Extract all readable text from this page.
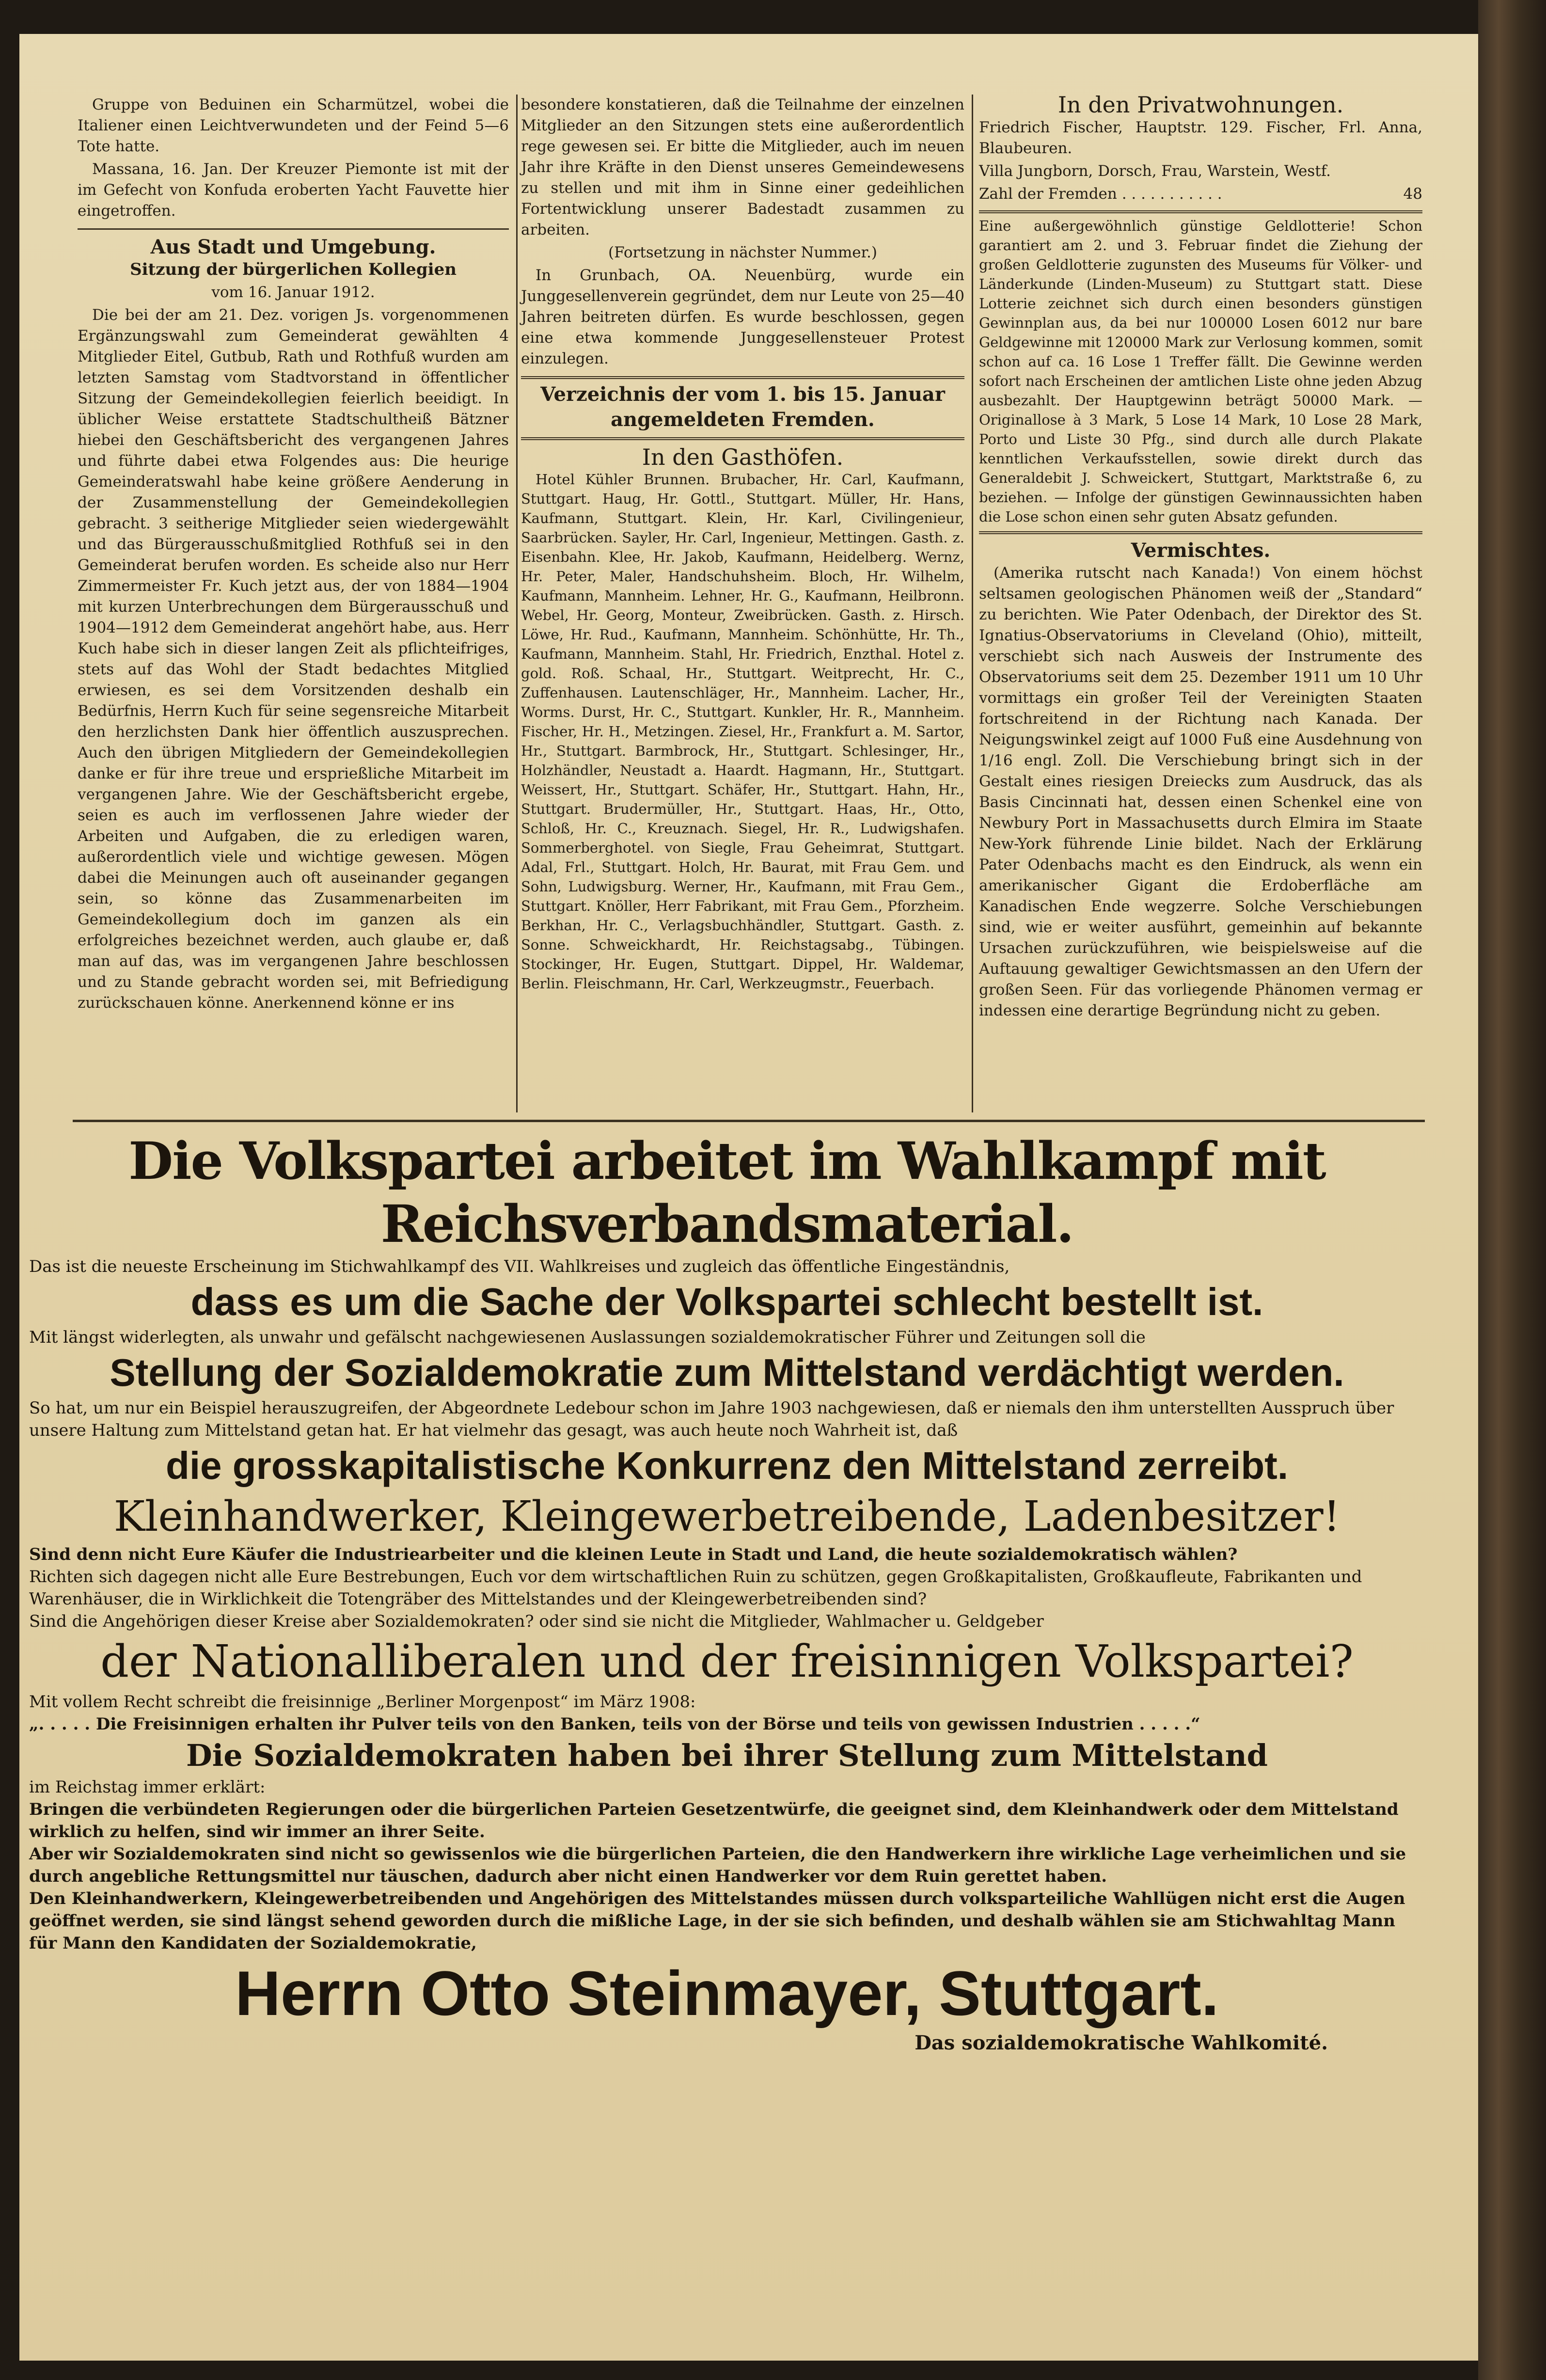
Gruppe von Beduinen ein Scharmützel, wobei die Italiener einen Leichtverwundeten und der Feind 5—6 Tote hatte.

Massana, 16. Jan. Der Kreuzer Piemonte ist mit der im Gefecht von Konfuda eroberten Yacht Fauvette hier eingetroffen.

Aus Stadt und Umgebung.

Sitzung der bürgerlichen Kollegien

vom 16. Januar 1912.

Die bei der am 21. Dez. vorigen Js. vorgenommenen Ergänzungswahl zum Gemeinderat gewählten 4 Mitglieder Eitel, Gutbub, Rath und Rothfuß wurden am letzten Samstag vom Stadtvorstand in öffentlicher Sitzung der Gemeindekollegien feierlich beeidigt. In üblicher Weise erstattete Stadtschultheiß Bätzner hiebei den Geschäftsbericht des vergangenen Jahres und führte dabei etwa Folgendes aus: Die heurige Gemeinderatswahl habe keine größere Aenderung in der Zusammenstellung der Gemeindekollegien gebracht. 3 seitherige Mitglieder seien wiedergewählt und das Bürgerausschußmitglied Rothfuß sei in den Gemeinderat berufen worden. Es scheide also nur Herr Zimmermeister Fr. Kuch jetzt aus, der von 1884—1904 mit kurzen Unterbrechungen dem Bürgerausschuß und 1904—1912 dem Gemeinderat angehört habe, aus. Herr Kuch habe sich in dieser langen Zeit als pflichteifriges, stets auf das Wohl der Stadt bedachtes Mitglied erwiesen, es sei dem Vorsitzenden deshalb ein Bedürfnis, Herrn Kuch für seine segensreiche Mitarbeit den herzlichsten Dank hier öffentlich auszusprechen. Auch den übrigen Mitgliedern der Gemeindekollegien danke er für ihre treue und ersprießliche Mitarbeit im vergangenen Jahre. Wie der Geschäftsbericht ergebe, seien es auch im verflossenen Jahre wieder der Arbeiten und Aufgaben, die zu erledigen waren, außerordentlich viele und wichtige gewesen. Mögen dabei die Meinungen auch oft auseinander gegangen sein, so könne das Zusammenarbeiten im Gemeindekollegium doch im ganzen als ein erfolgreiches bezeichnet werden, auch glaube er, daß man auf das, was im vergangenen Jahre beschlossen und zu Stande gebracht worden sei, mit Befriedigung zurückschauen könne. Anerkennend könne er ins

besondere konstatieren, daß die Teilnahme der einzelnen Mitglieder an den Sitzungen stets eine außerordentlich rege gewesen sei. Er bitte die Mitglieder, auch im neuen Jahr ihre Kräfte in den Dienst unseres Gemeindewesens zu stellen und mit ihm in Sinne einer gedeihlichen Fortentwicklung unserer Badestadt zusammen zu arbeiten.

(Fortsetzung in nächster Nummer.)

In Grunbach, OA. Neuenbürg, wurde ein Junggesellenverein gegründet, dem nur Leute von 25—40 Jahren beitreten dürfen. Es wurde beschlossen, gegen eine etwa kommende Junggesellensteuer Protest einzulegen.

Verzeichnis der vom 1. bis 15. Januar angemeldeten Fremden.

In den Gasthöfen.

Hotel Kühler Brunnen. Brubacher, Hr. Carl, Kaufmann, Stuttgart. Haug, Hr. Gottl., Stuttgart. Müller, Hr. Hans, Kaufmann, Stuttgart. Klein, Hr. Karl, Civilingenieur, Saarbrücken. Sayler, Hr. Carl, Ingenieur, Mettingen. Gasth. z. Eisenbahn. Klee, Hr. Jakob, Kaufmann, Heidelberg. Wernz, Hr. Peter, Maler, Handschuhsheim. Bloch, Hr. Wilhelm, Kaufmann, Mannheim. Lehner, Hr. G., Kaufmann, Heilbronn. Webel, Hr. Georg, Monteur, Zweibrücken. Gasth. z. Hirsch. Löwe, Hr. Rud., Kaufmann, Mannheim. Schönhütte, Hr. Th., Kaufmann, Mannheim. Stahl, Hr. Friedrich, Enzthal. Hotel z. gold. Roß. Schaal, Hr., Stuttgart. Weitprecht, Hr. C., Zuffenhausen. Lautenschläger, Hr., Mannheim. Lacher, Hr., Worms. Durst, Hr. C., Stuttgart. Kunkler, Hr. R., Mannheim. Fischer, Hr. H., Metzingen. Ziesel, Hr., Frankfurt a. M. Sartor, Hr., Stuttgart. Barmbrock, Hr., Stuttgart. Schlesinger, Hr., Holzhändler, Neustadt a. Haardt. Hagmann, Hr., Stuttgart. Weissert, Hr., Stuttgart. Schäfer, Hr., Stuttgart. Hahn, Hr., Stuttgart. Brudermüller, Hr., Stuttgart. Haas, Hr., Otto, Schloß, Hr. C., Kreuznach. Siegel, Hr. R., Ludwigshafen. Sommerberghotel. von Siegle, Frau Geheimrat, Stuttgart. Adal, Frl., Stuttgart. Holch, Hr. Baurat, mit Frau Gem. und Sohn, Ludwigsburg. Werner, Hr., Kaufmann, mit Frau Gem., Stuttgart. Knöller, Herr Fabrikant, mit Frau Gem., Pforzheim. Berkhan, Hr. C., Verlagsbuchhändler, Stuttgart. Gasth. z. Sonne. Schweickhardt, Hr. Reichstagsabg., Tübingen. Stockinger, Hr. Eugen, Stuttgart. Dippel, Hr. Waldemar, Berlin. Fleischmann, Hr. Carl, Werkzeugmstr., Feuerbach.

In den Privatwohnungen.

Friedrich Fischer, Hauptstr. 129. Fischer, Frl. Anna, Blaubeuren.

Villa Jungborn, Dorsch, Frau, Warstein, Westf.

Zahl der Fremden . . . . . . . . . . .	48

Eine außergewöhnlich günstige Geldlotterie! Schon garantiert am 2. und 3. Februar findet die Ziehung der großen Geldlotterie zugunsten des Museums für Völker- und Länderkunde (Linden-Museum) zu Stuttgart statt. Diese Lotterie zeichnet sich durch einen besonders günstigen Gewinnplan aus, da bei nur 100000 Losen 6012 nur bare Geldgewinne mit 120000 Mark zur Verlosung kommen, somit schon auf ca. 16 Lose 1 Treffer fällt. Die Gewinne werden sofort nach Erscheinen der amtlichen Liste ohne jeden Abzug ausbezahlt. Der Hauptgewinn beträgt 50000 Mark. — Originallose à 3 Mark, 5 Lose 14 Mark, 10 Lose 28 Mark, Porto und Liste 30 Pfg., sind durch alle durch Plakate kenntlichen Verkaufsstellen, sowie direkt durch das Generaldebit J. Schweickert, Stuttgart, Marktstraße 6, zu beziehen. — Infolge der günstigen Gewinnaussichten haben die Lose schon einen sehr guten Absatz gefunden.

Vermischtes.

(Amerika rutscht nach Kanada!) Von einem höchst seltsamen geologischen Phänomen weiß der „Standard“ zu berichten. Wie Pater Odenbach, der Direktor des St. Ignatius-Observatoriums in Cleveland (Ohio), mitteilt, verschiebt sich nach Ausweis der Instrumente des Observatoriums seit dem 25. Dezember 1911 um 10 Uhr vormittags ein großer Teil der Vereinigten Staaten fortschreitend in der Richtung nach Kanada. Der Neigungswinkel zeigt auf 1000 Fuß eine Ausdehnung von 1/16 engl. Zoll. Die Verschiebung bringt sich in der Gestalt eines riesigen Dreiecks zum Ausdruck, das als Basis Cincinnati hat, dessen einen Schenkel eine von Newbury Port in Massachusetts durch Elmira im Staate New-York führende Linie bildet. Nach der Erklärung Pater Odenbachs macht es den Eindruck, als wenn ein amerikanischer Gigant die Erdoberfläche am Kanadischen Ende wegzerre. Solche Verschiebungen sind, wie er weiter ausführt, gemeinhin auf bekannte Ursachen zurückzuführen, wie beispielsweise auf die Auftauung gewaltiger Gewichtsmassen an den Ufern der großen Seen. Für das vorliegende Phänomen vermag er indessen eine derartige Begründung nicht zu geben.

Die Volkspartei arbeitet im Wahlkampf mit Reichsverbandsmaterial.

Das ist die neueste Erscheinung im Stichwahlkampf des VII. Wahlkreises und zugleich das öffentliche Eingeständnis,

dass es um die Sache der Volkspartei schlecht bestellt ist.

Mit längst widerlegten, als unwahr und gefälscht nachgewiesenen Auslassungen sozialdemokratischer Führer und Zeitungen soll die

Stellung der Sozialdemokratie zum Mittelstand verdächtigt werden.

So hat, um nur ein Beispiel herauszugreifen, der Abgeordnete Ledebour schon im Jahre 1903 nachgewiesen, daß er niemals den ihm unterstellten Ausspruch über unsere Haltung zum Mittelstand getan hat. Er hat vielmehr das gesagt, was auch heute noch Wahrheit ist, daß

die grosskapitalistische Konkurrenz den Mittelstand zerreibt.

Kleinhandwerker, Kleingewerbetreibende, Ladenbesitzer!

Sind denn nicht Eure Käufer die Industriearbeiter und die kleinen Leute in Stadt und Land, die heute sozialdemokratisch wählen?

Richten sich dagegen nicht alle Eure Bestrebungen, Euch vor dem wirtschaftlichen Ruin zu schützen, gegen Großkapitalisten, Großkaufleute, Fabrikanten und Warenhäuser, die in Wirklichkeit die Totengräber des Mittelstandes und der Kleingewerbetreibenden sind?

Sind die Angehörigen dieser Kreise aber Sozialdemokraten? oder sind sie nicht die Mitglieder, Wahlmacher u. Geldgeber

der Nationalliberalen und der freisinnigen Volkspartei?

Mit vollem Recht schreibt die freisinnige „Berliner Morgenpost“ im März 1908:

„. . . . . Die Freisinnigen erhalten ihr Pulver teils von den Banken, teils von der Börse und teils von gewissen Industrien . . . . .“

Die Sozialdemokraten haben bei ihrer Stellung zum Mittelstand

im Reichstag immer erklärt:

Bringen die verbündeten Regierungen oder die bürgerlichen Parteien Gesetzentwürfe, die geeignet sind, dem Kleinhandwerk oder dem Mittelstand wirklich zu helfen, sind wir immer an ihrer Seite.

Aber wir Sozialdemokraten sind nicht so gewissenlos wie die bürgerlichen Parteien, die den Handwerkern ihre wirkliche Lage verheimlichen und sie durch angebliche Rettungsmittel nur täuschen, dadurch aber nicht einen Handwerker vor dem Ruin gerettet haben.

Den Kleinhandwerkern, Kleingewerbetreibenden und Angehörigen des Mittelstandes müssen durch volksparteiliche Wahllügen nicht erst die Augen geöffnet werden, sie sind längst sehend geworden durch die mißliche Lage, in der sie sich befinden, und deshalb wählen sie am Stichwahltag Mann für Mann den Kandidaten der Sozialdemokratie,

Herrn Otto Steinmayer, Stuttgart.

Das sozialdemokratische Wahlkomité.
